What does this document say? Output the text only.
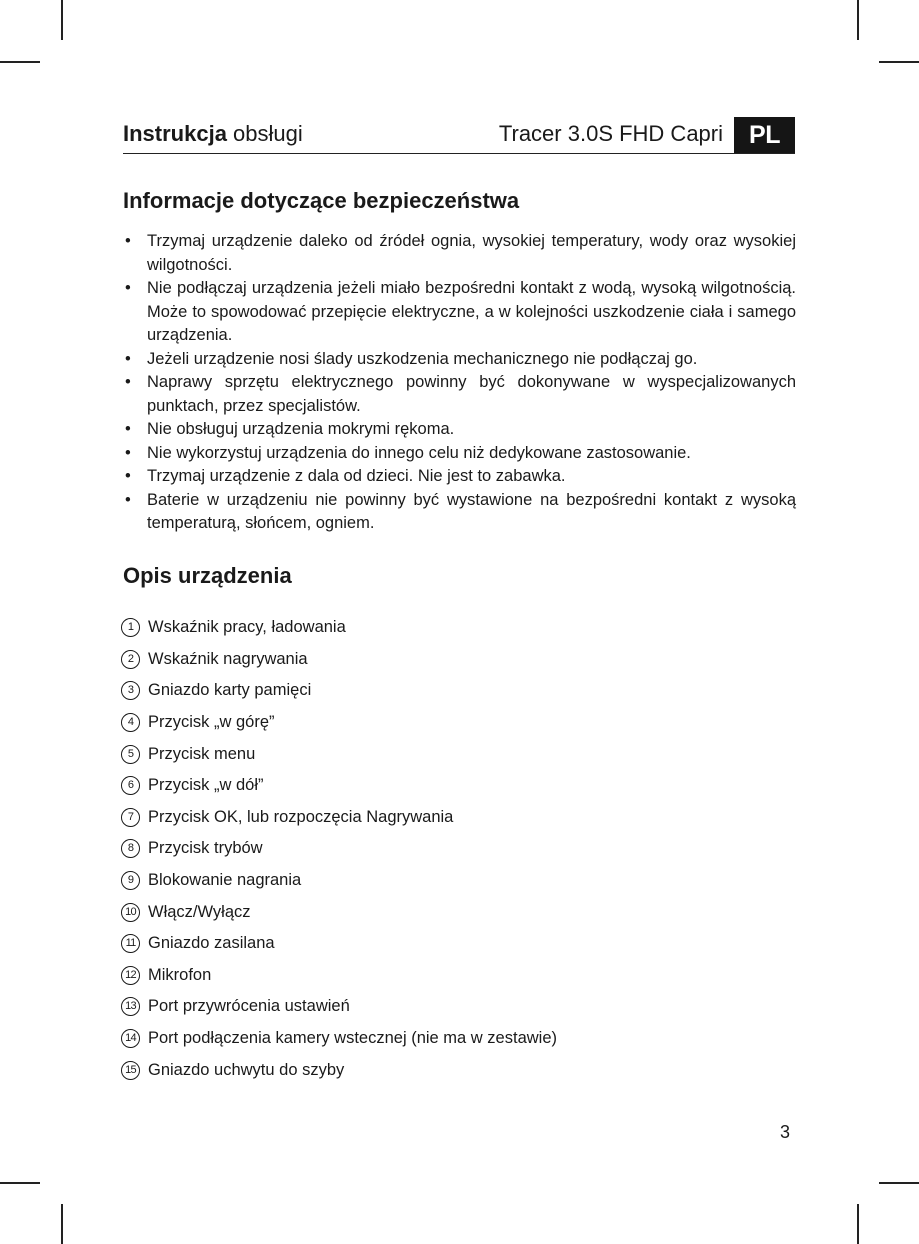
Instrukcja obsługi	Tracer 3.0S FHD Capri	PL
Informacje dotyczące bezpieczeństwa
• Trzymaj urządzenie daleko od źródeł ognia, wysokiej temperatury, wody oraz wysokiej wilgotności.
• Nie podłączaj urządzenia jeżeli miało bezpośredni kontakt z wodą, wysoką wilgotnością. Może to spowodować przepięcie elektryczne, a w kolejności uszkodzenie ciała i samego urządzenia.
• Jeżeli urządzenie nosi ślady uszkodzenia mechanicznego nie podłączaj go.
• Naprawy sprzętu elektrycznego powinny być dokonywane w wyspecjalizowanych punktach, przez specjalistów.
• Nie obsługuj urządzenia mokrymi rękoma.
• Nie wykorzystuj urządzenia do innego celu niż dedykowane zastosowanie.
• Trzymaj urządzenie z dala od dzieci. Nie jest to zabawka.
• Baterie w urządzeniu nie powinny być wystawione na bezpośredni kontakt z wysoką temperaturą, słońcem, ogniem.
Opis urządzenia
1 Wskaźnik pracy, ładowania
2 Wskaźnik nagrywania
3 Gniazdo karty pamięci
4 Przycisk „w górę”
5 Przycisk menu
6 Przycisk „w dół”
7 Przycisk OK, lub rozpoczęcia Nagrywania
8 Przycisk trybów
9 Blokowanie nagrania
10 Włącz/Wyłącz
11 Gniazdo zasilana
12 Mikrofon
13 Port przywrócenia ustawień
14 Port podłączenia kamery wstecznej (nie ma w zestawie)
15 Gniazdo uchwytu do szyby
3
